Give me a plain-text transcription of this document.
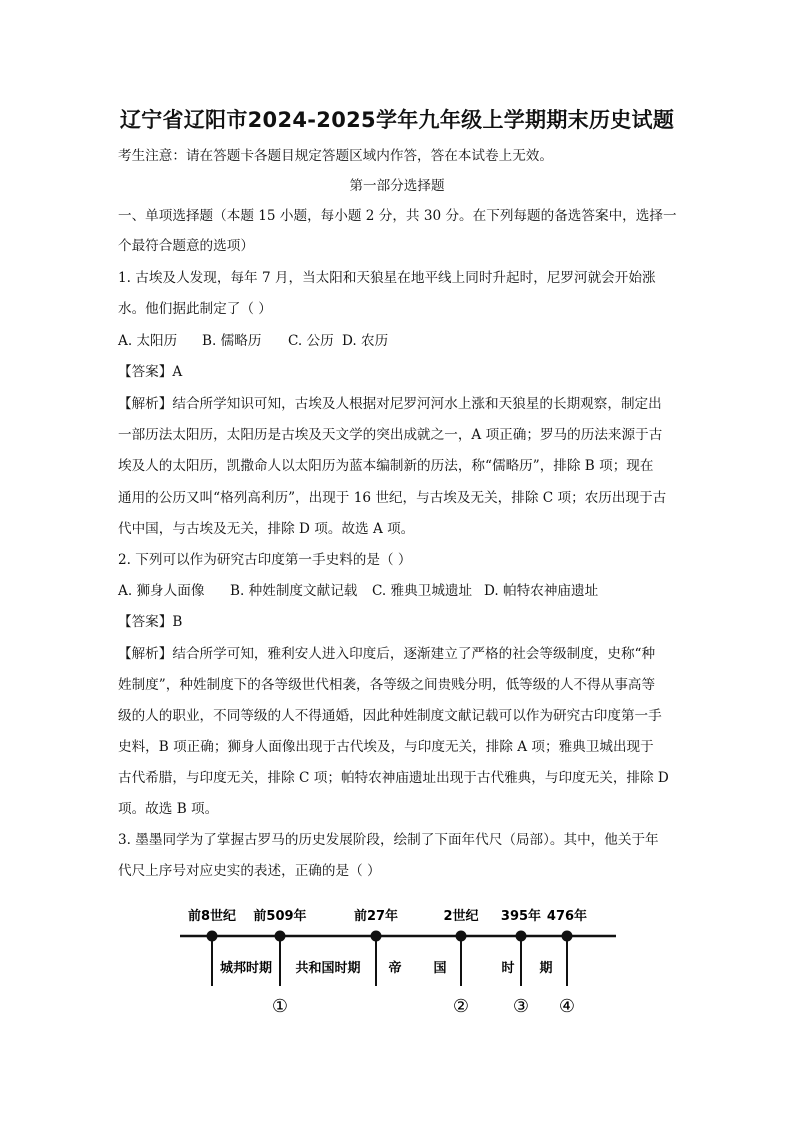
辽宁省辽阳市2024-2025学年九年级上学期期末历史试题
考生注意：请在答题卡各题目规定答题区域内作答，答在本试卷上无效。
第一部分选择题
一、单项选择题（本题 15 小题，每小题 2 分，共 30 分。在下列每题的备选答案中，选择一
个最符合题意的选项）
1. 古埃及人发现，每年 7 月，当太阳和天狼星在地平线上同时升起时，尼罗河就会开始涨
水。他们据此制定了（ ）
A. 太阳历 B. 儒略历 C. 公历 D. 农历
【答案】A
【解析】结合所学知识可知，古埃及人根据对尼罗河河水上涨和天狼星的长期观察，制定出
一部历法太阳历，太阳历是古埃及天文学的突出成就之一，A 项正确；罗马的历法来源于古
埃及人的太阳历，凯撒命人以太阳历为蓝本编制新的历法，称“儒略历”，排除 B 项；现在
通用的公历又叫“格列高利历”，出现于 16 世纪，与古埃及无关，排除 C 项；农历出现于古
代中国，与古埃及无关，排除 D 项。故选 A 项。
2. 下列可以作为研究古印度第一手史料的是（ ）
A. 狮身人面像 B. 种姓制度文献记载 C. 雅典卫城遗址 D. 帕特农神庙遗址
【答案】B
【解析】结合所学可知，雅利安人进入印度后，逐渐建立了严格的社会等级制度，史称“种
姓制度”，种姓制度下的各等级世代相袭，各等级之间贵贱分明，低等级的人不得从事高等
级的人的职业，不同等级的人不得通婚，因此种姓制度文献记载可以作为研究古印度第一手
史料，B 项正确；狮身人面像出现于古代埃及，与印度无关，排除 A 项；雅典卫城出现于
古代希腊，与印度无关，排除 C 项；帕特农神庙遗址出现于古代雅典，与印度无关，排除 D
项。故选 B 项。
3. 墨墨同学为了掌握古罗马的历史发展阶段，绘制了下面年代尺（局部）。其中，他关于年
代尺上序号对应史实的表述，正确的是（ ）
前8世纪 前509年	前27年	2世纪 395年 476年
城邦时期 共和国时期 帝 国	时 期
①	② ③ ④
